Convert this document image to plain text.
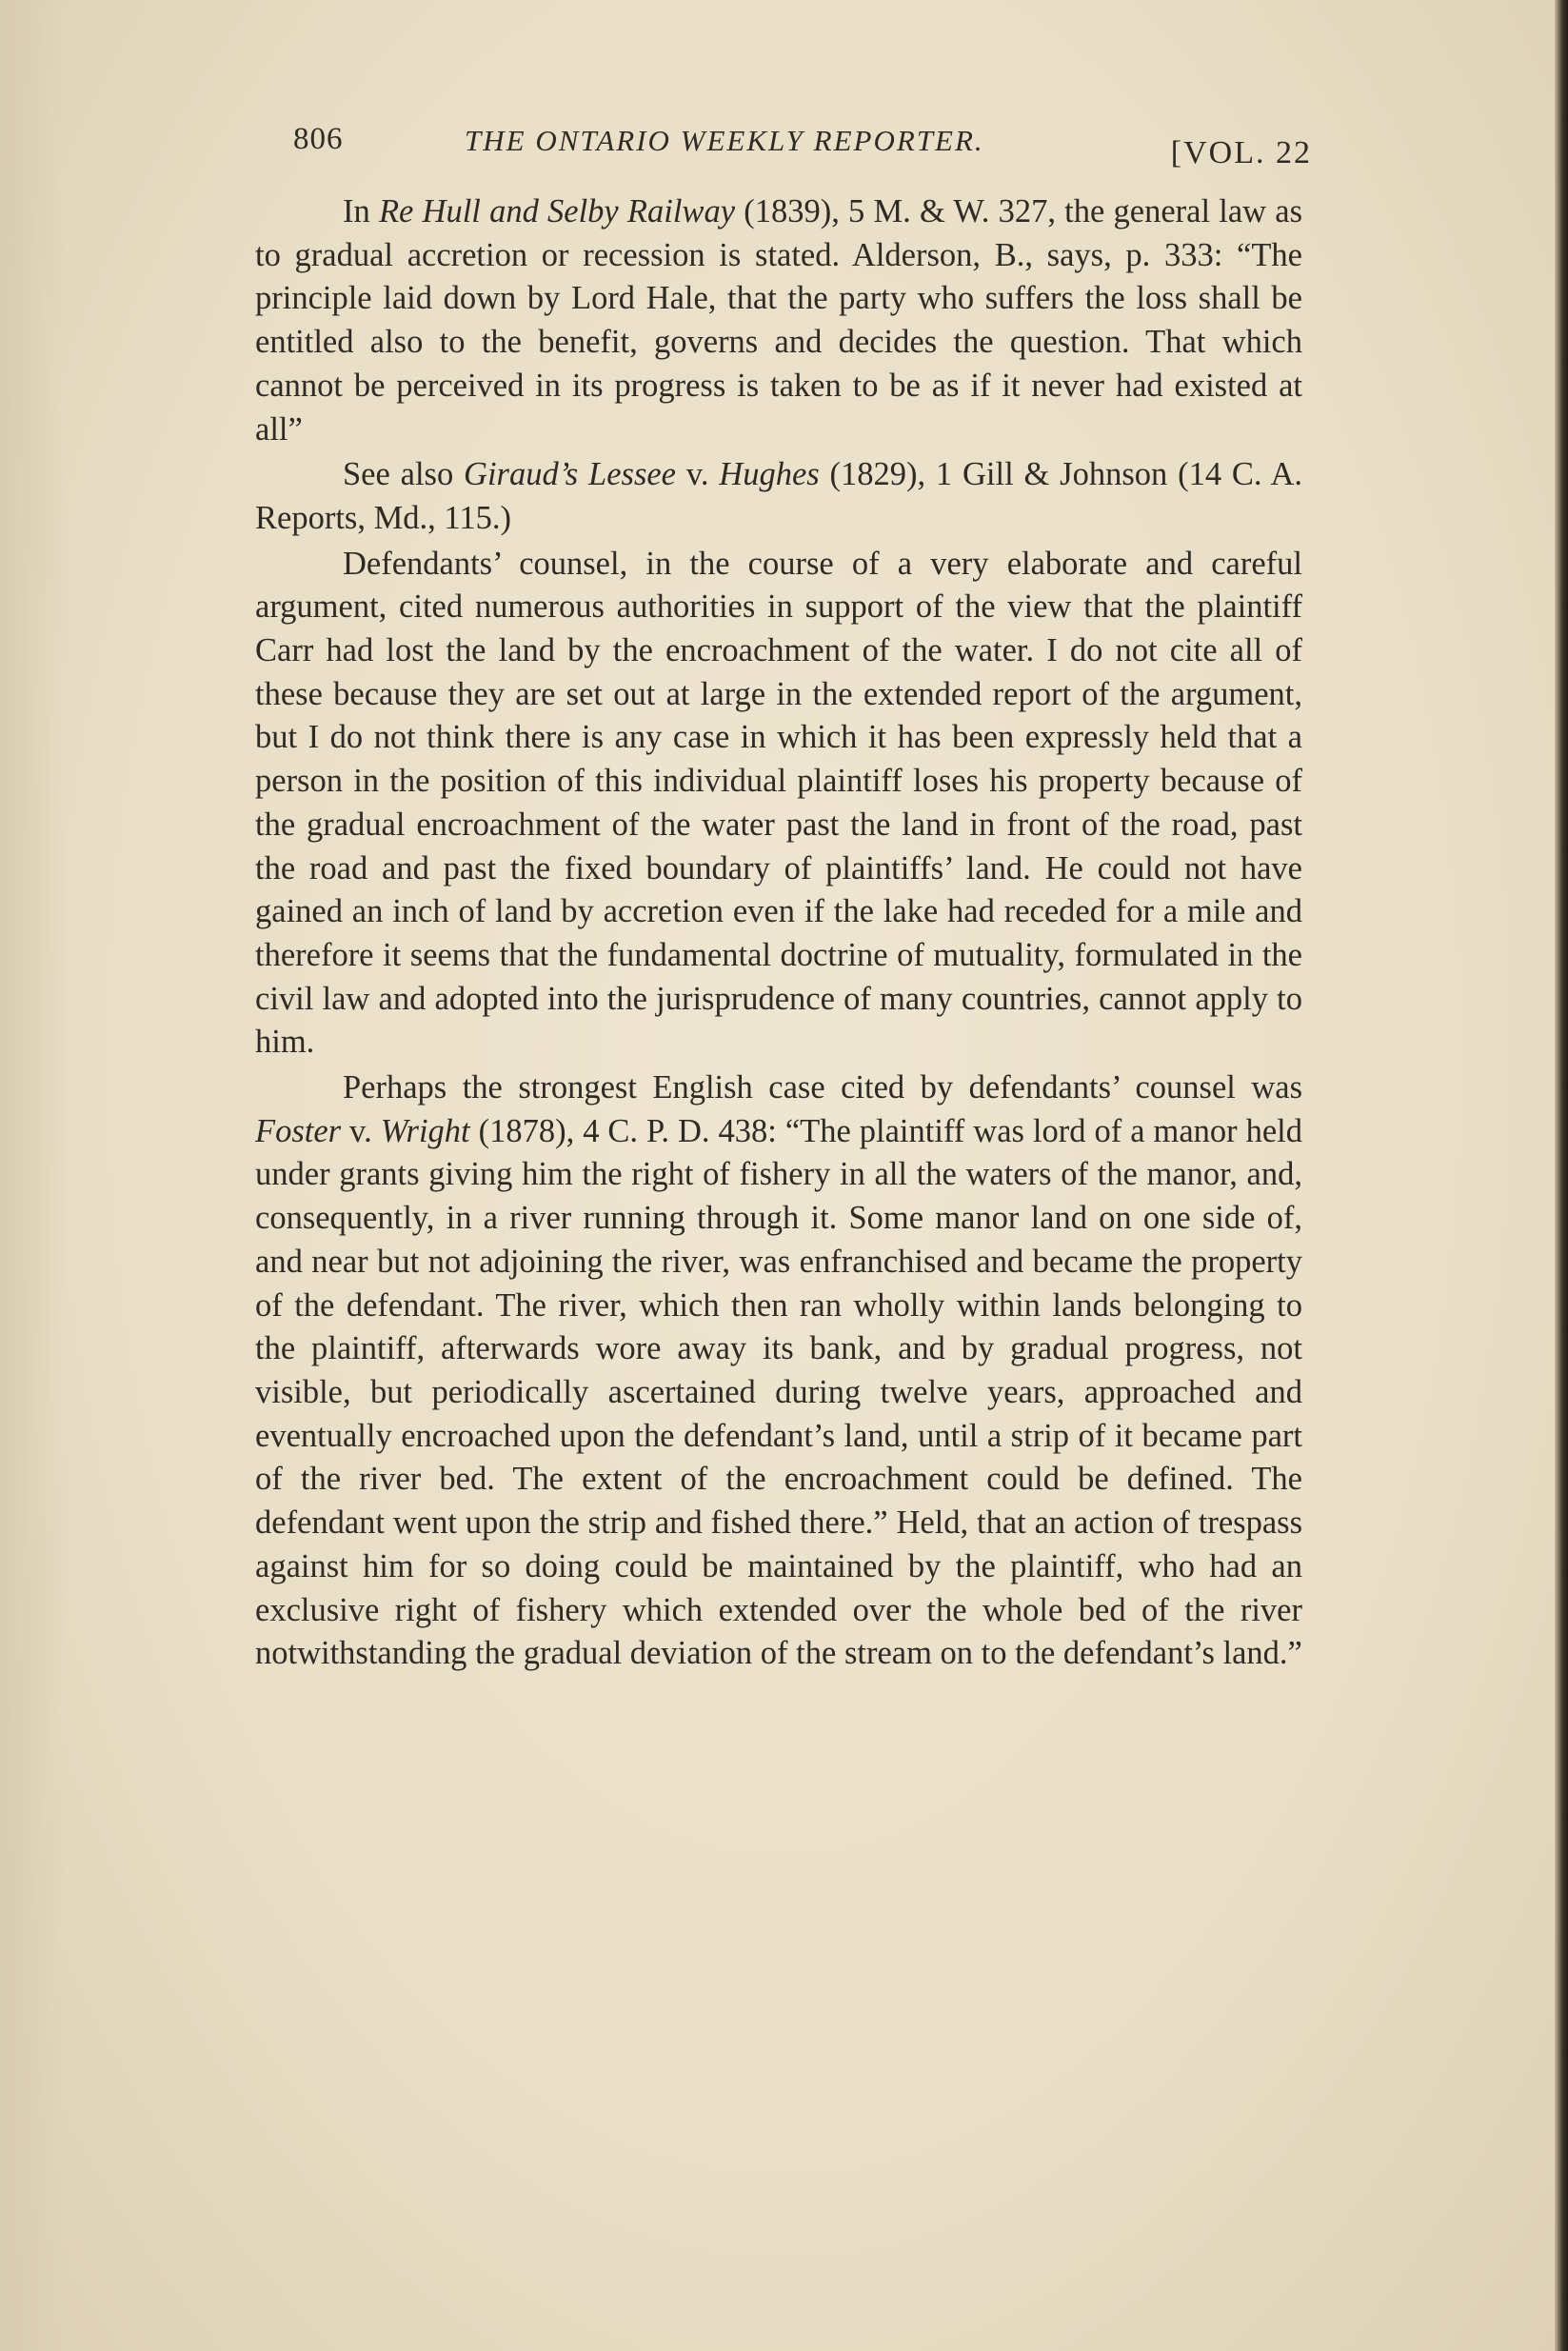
806	THE ONTARIO WEEKLY REPORTER.	[VOL. 22

In Re Hull and Selby Railway (1839), 5 M. & W. 327, the general law as to gradual accretion or recession is stated. Alderson, B., says, p. 333: “The principle laid down by Lord Hale, that the party who suffers the loss shall be entitled also to the benefit, governs and decides the question. That which cannot be perceived in its progress is taken to be as if it never had existed at all”

See also Giraud’s Lessee v. Hughes (1829), 1 Gill & Johnson (14 C. A. Reports, Md., 115.)

Defendants’ counsel, in the course of a very elaborate and careful argument, cited numerous authorities in support of the view that the plaintiff Carr had lost the land by the encroachment of the water. I do not cite all of these because they are set out at large in the extended report of the argument, but I do not think there is any case in which it has been expressly held that a person in the position of this individual plaintiff loses his property because of the gradual encroachment of the water past the land in front of the road, past the road and past the fixed boundary of plaintiffs’ land. He could not have gained an inch of land by accretion even if the lake had receded for a mile and therefore it seems that the fundamental doctrine of mutuality, formulated in the civil law and adopted into the jurisprudence of many countries, cannot apply to him.

Perhaps the strongest English case cited by defendants’ counsel was Foster v. Wright (1878), 4 C. P. D. 438: “The plaintiff was lord of a manor held under grants giving him the right of fishery in all the waters of the manor, and, consequently, in a river running through it. Some manor land on one side of, and near but not adjoining the river, was enfranchised and became the property of the defendant. The river, which then ran wholly within lands belonging to the plaintiff, afterwards wore away its bank, and by gradual progress, not visible, but periodically ascertained during twelve years, approached and eventually encroached upon the defendant’s land, until a strip of it became part of the river bed. The extent of the encroachment could be defined. The defendant went upon the strip and fished there.” Held, that an action of trespass against him for so doing could be maintained by the plaintiff, who had an exclusive right of fishery which extended over the whole bed of the river notwithstanding the gradual deviation of the stream on to the defendant’s land.”
